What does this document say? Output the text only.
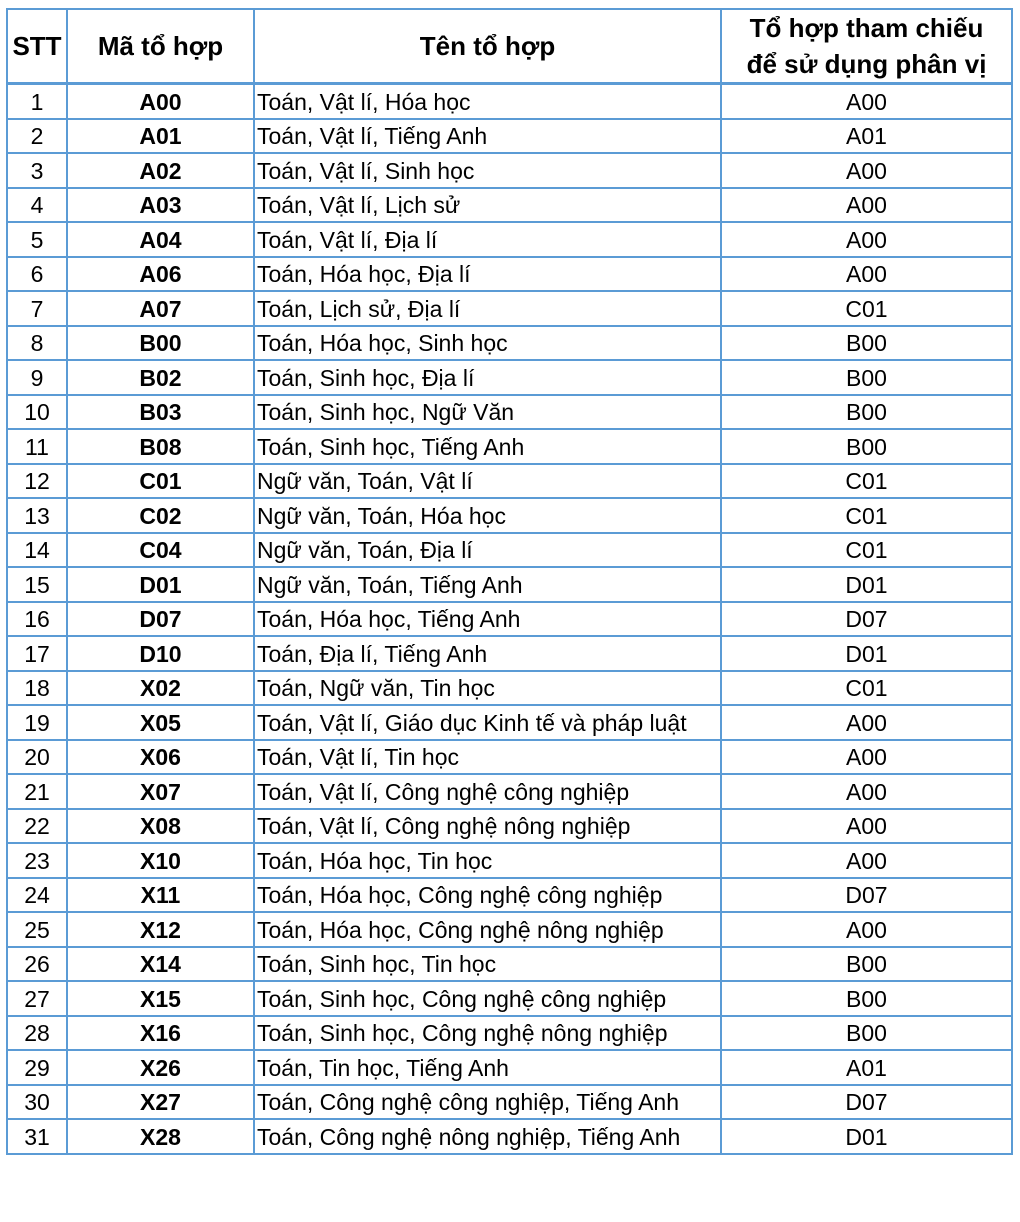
STT	Mã tổ hợp	Tên tổ hợp	Tổ hợp tham chiếu
để sử dụng phân vị

1	A00	Toán, Vật lí, Hóa học	A00
2	A01	Toán, Vật lí, Tiếng Anh	A01
3	A02	Toán, Vật lí, Sinh học	A00
4	A03	Toán, Vật lí, Lịch sử	A00
5	A04	Toán, Vật lí, Địa lí	A00
6	A06	Toán, Hóa học, Địa lí	A00
7	A07	Toán, Lịch sử, Địa lí	C01
8	B00	Toán, Hóa học, Sinh học	B00
9	B02	Toán, Sinh học, Địa lí	B00
10	B03	Toán, Sinh học, Ngữ Văn	B00
11	B08	Toán, Sinh học, Tiếng Anh	B00
12	C01	Ngữ văn, Toán, Vật lí	C01
13	C02	Ngữ văn, Toán, Hóa học	C01
14	C04	Ngữ văn, Toán, Địa lí	C01
15	D01	Ngữ văn, Toán, Tiếng Anh	D01
16	D07	Toán, Hóa học, Tiếng Anh	D07
17	D10	Toán, Địa lí, Tiếng Anh	D01
18	X02	Toán, Ngữ văn, Tin học	C01
19	X05	Toán, Vật lí, Giáo dục Kinh tế và pháp luật	A00
20	X06	Toán, Vật lí, Tin học	A00
21	X07	Toán, Vật lí, Công nghệ công nghiệp	A00
22	X08	Toán, Vật lí, Công nghệ nông nghiệp	A00
23	X10	Toán, Hóa học, Tin học	A00
24	X11	Toán, Hóa học, Công nghệ công nghiệp	D07
25	X12	Toán, Hóa học, Công nghệ nông nghiệp	A00
26	X14	Toán, Sinh học, Tin học	B00
27	X15	Toán, Sinh học, Công nghệ công nghiệp	B00
28	X16	Toán, Sinh học, Công nghệ nông nghiệp	B00
29	X26	Toán, Tin học, Tiếng Anh	A01
30	X27	Toán, Công nghệ công nghiệp, Tiếng Anh	D07
31	X28	Toán, Công nghệ nông nghiệp, Tiếng Anh	D01
